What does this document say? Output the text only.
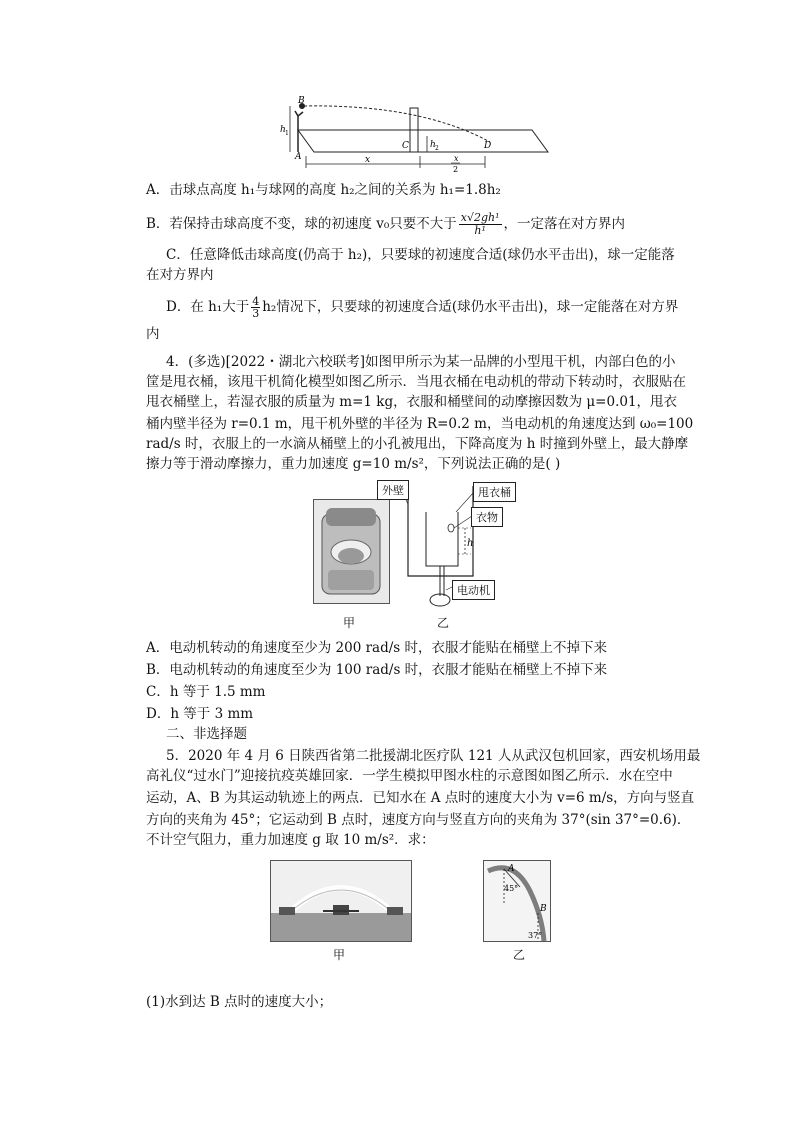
B
A
h 1
C h 2	D
x	x
2
A．击球点高度 h₁与球网的高度 h₂之间的关系为 h₁=1.8h₂
B．若保持击球高度不变，球的初速度 v₀只要不大于 $\frac{\text{x√2gh¹}}{\text{h¹}}$ ，一定落在对方界内
C．任意降低击球高度(仍高于 h₂)，只要球的初速度合适(球仍水平击出)，球一定能落
在对方界内
D．在 h₁大于 $\frac{4}{3} h_2$情况下，只要球的初速度合适(球仍水平击出)，球一定能落在对方界
内
4．(多选)[2022・湖北六校联考]如图甲所示为某一品牌的小型甩干机，内部白色的小
筐是甩衣桶，该甩干机简化模型如图乙所示．当甩衣桶在电动机的带动下转动时，衣服贴在
甩衣桶壁上，若湿衣服的质量为 m=1 kg，衣服和桶壁间的动摩擦因数为 μ=0.01，甩衣
桶内壁半径为 r=0.1 m，甩干机外壁的半径为 R=0.2 m，当电动机的角速度达到 ω₀=100
rad/s 时，衣服上的一水滴从桶壁上的小孔被甩出，下降高度为 h 时撞到外壁上，最大静摩
擦力等于滑动摩擦力，重力加速度 g=10 m/s²，下列说法正确的是( )
甲
h
外壁	甩衣桶
衣物
电动机
乙
A．电动机转动的角速度至少为 200 rad/s 时，衣服才能贴在桶壁上不掉下来
B．电动机转动的角速度至少为 100 rad/s 时，衣服才能贴在桶壁上不掉下来
C．h 等于 1.5 mm
D．h 等于 3 mm
二、非选择题
5．2020 年 4 月 6 日陕西省第二批援湖北医疗队 121 人从武汉包机回家，西安机场用最
高礼仪“过水门”迎接抗疫英雄回家．一学生模拟甲图水柱的示意图如图乙所示．水在空中
运动，A、B 为其运动轨迹上的两点．已知水在 A 点时的速度大小为 v=6 m/s，方向与竖直
方向的夹角为 45°；它运动到 B 点时，速度方向与竖直方向的夹角为 37°(sin 37°=0.6)．
不计空气阻力，重力加速度 g 取 10 m/s²．求：
甲
A
45°
B
37°
乙
(1)水到达 B 点时的速度大小；
